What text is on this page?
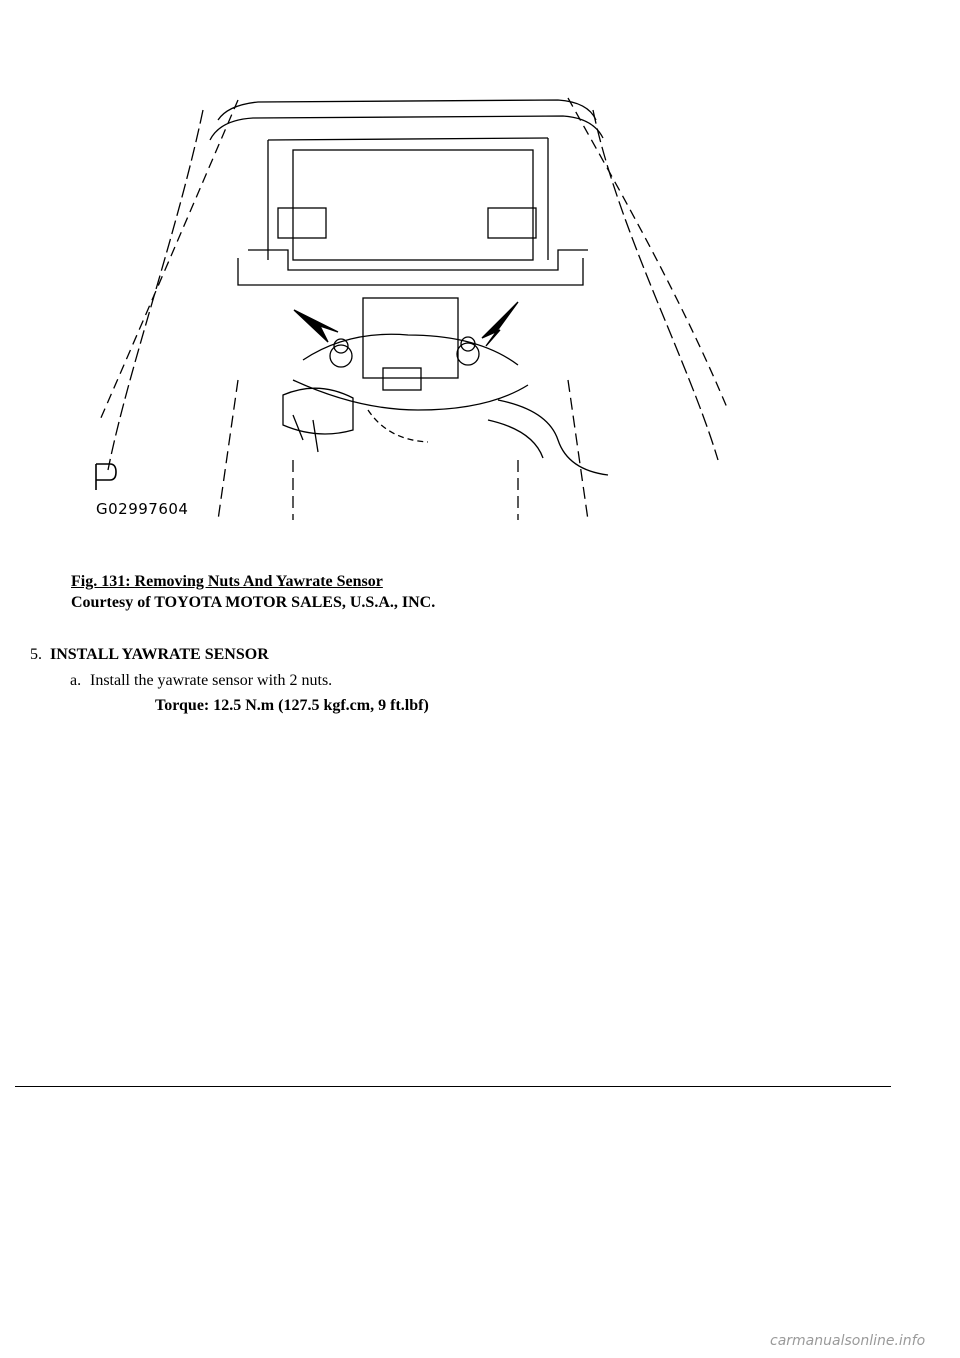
G02997604
Fig. 131: Removing Nuts And Yawrate Sensor
Courtesy of TOYOTA MOTOR SALES, U.S.A., INC.
5. INSTALL YAWRATE SENSOR
a. Install the yawrate sensor with 2 nuts.
Torque: 12.5 N.m (127.5 kgf.cm, 9 ft.lbf)
carmanualsonline.info
